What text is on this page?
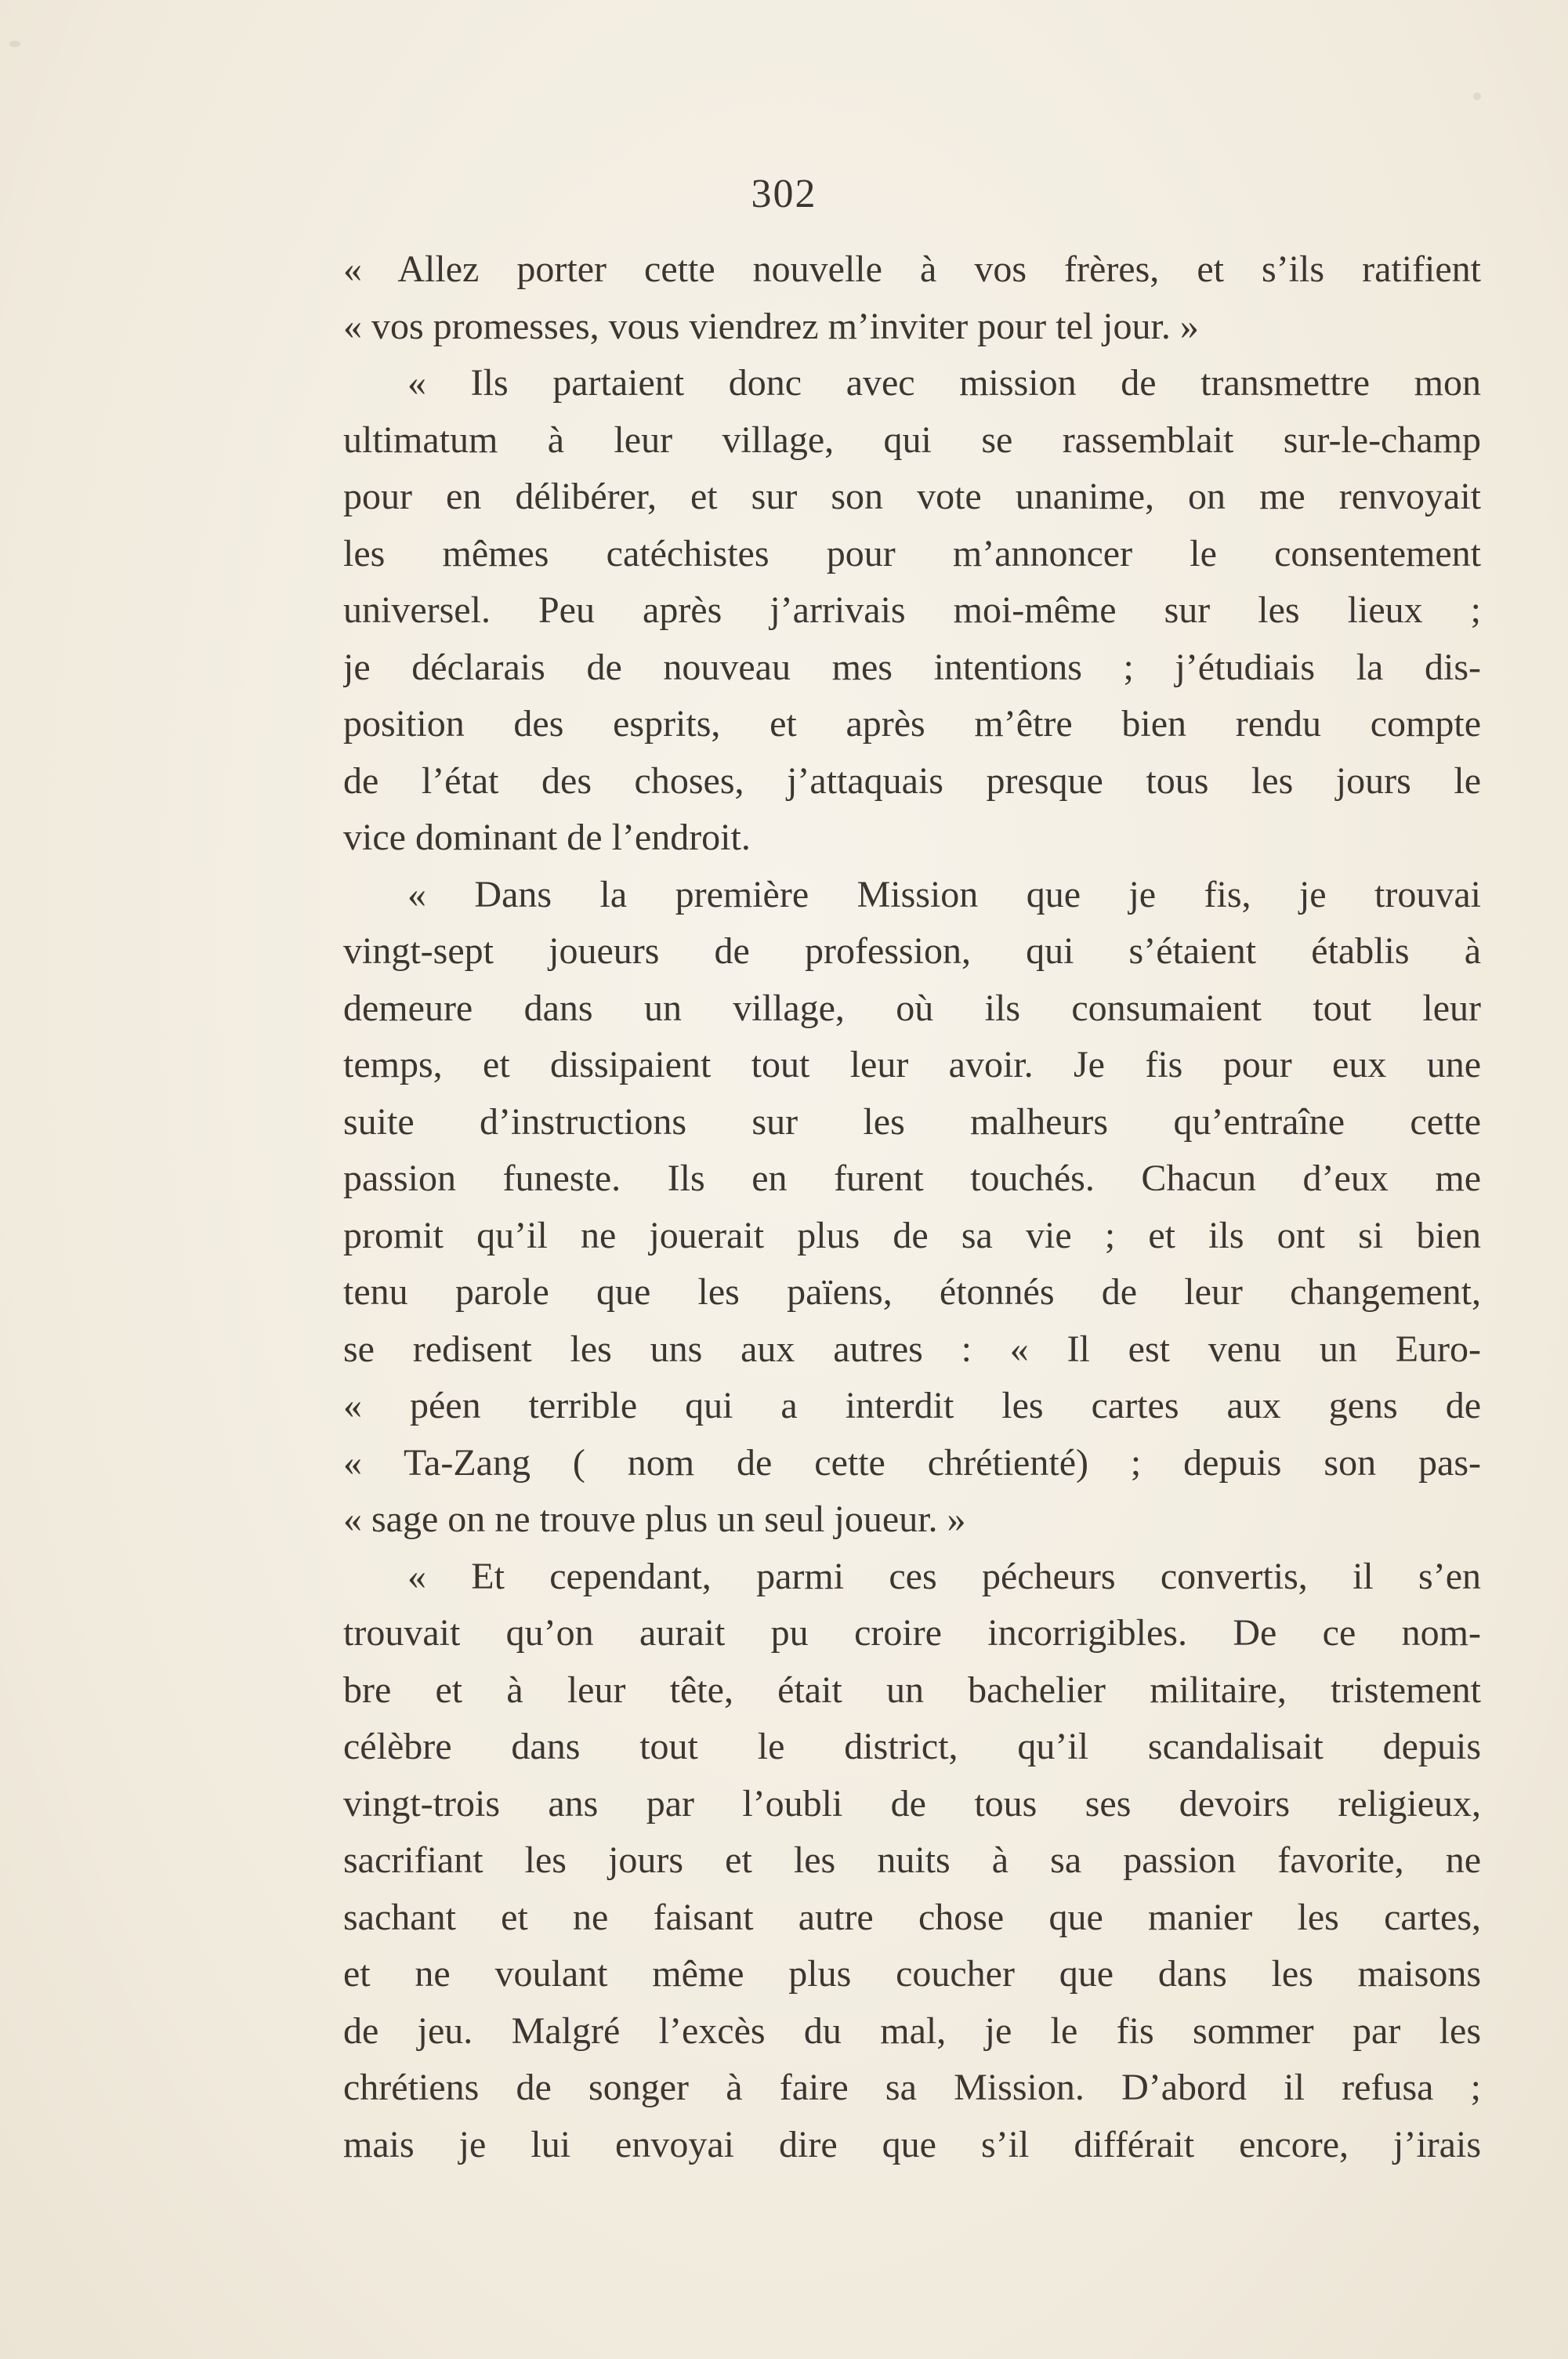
302
« Allez porter cette nouvelle à vos frères, et s’ils ratifient
« vos promesses, vous viendrez m’inviter pour tel jour. »
« Ils partaient donc avec mission de transmettre mon
ultimatum à leur village, qui se rassemblait sur-le-champ
pour en délibérer, et sur son vote unanime, on me renvoyait
les mêmes catéchistes pour m’annoncer le consentement
universel. Peu après j’arrivais moi-même sur les lieux ;
je déclarais de nouveau mes intentions ; j’étudiais la dis-
position des esprits, et après m’être bien rendu compte
de l’état des choses, j’attaquais presque tous les jours le
vice dominant de l’endroit.
« Dans la première Mission que je fis, je trouvai
vingt-sept joueurs de profession, qui s’étaient établis à
demeure dans un village, où ils consumaient tout leur
temps, et dissipaient tout leur avoir. Je fis pour eux une
suite d’instructions sur les malheurs qu’entraîne cette
passion funeste. Ils en furent touchés. Chacun d’eux me
promit qu’il ne jouerait plus de sa vie ; et ils ont si bien
tenu parole que les païens, étonnés de leur changement,
se redisent les uns aux autres : « Il est venu un Euro-
« péen terrible qui a interdit les cartes aux gens de
« Ta-Zang ( nom de cette chrétienté) ; depuis son pas-
« sage on ne trouve plus un seul joueur. »
« Et cependant, parmi ces pécheurs convertis, il s’en
trouvait qu’on aurait pu croire incorrigibles. De ce nom-
bre et à leur tête, était un bachelier militaire, tristement
célèbre dans tout le district, qu’il scandalisait depuis
vingt-trois ans par l’oubli de tous ses devoirs religieux,
sacrifiant les jours et les nuits à sa passion favorite, ne
sachant et ne faisant autre chose que manier les cartes,
et ne voulant même plus coucher que dans les maisons
de jeu. Malgré l’excès du mal, je le fis sommer par les
chrétiens de songer à faire sa Mission. D’abord il refusa ;
mais je lui envoyai dire que s’il différait encore, j’irais
